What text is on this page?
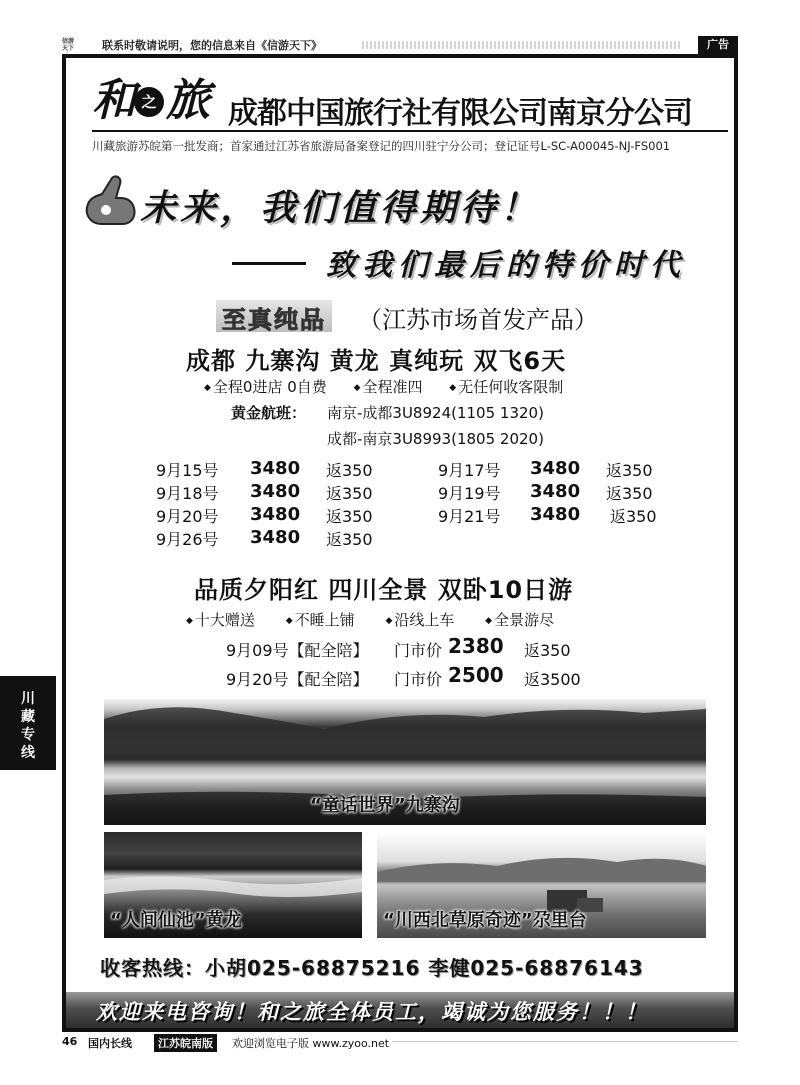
信游
天下	联系时敬请说明，您的信息来自《信游天下》	广告
和 之 旅 成都中国旅行社有限公司南京分公司
川藏旅游苏皖第一批发商；首家通过江苏省旅游局备案登记的四川驻宁分公司；登记证号L-SC-A00045-NJ-FS001
未来，我们值得期待！
致我们最后的特价时代
至真纯品 （江苏市场首发产品）
成都 九寨沟 黄龙 真纯玩 双飞6天
◆ 全程0进店 0自费 ◆ 全程准四 ◆ 无任何收客限制
黄金航班： 南京-成都3U8924(1105 1320)
成都-南京3U8993(1805 2020)
9月15号 3480 返350
9月18号 3480 返350
9月20号 3480 返350
9月26号 3480 返350
9月17号 3480 返350
9月19号 3480 返350
9月21号 3480 返350
品质夕阳红 四川全景 双卧10日游
◆ 十大赠送	◆ 不睡上铺	◆ 沿线上车	◆ 全景游尽
9月09号【配全陪】 门市价 2380 返350
9月20号【配全陪】 门市价 2500 返3500
川
藏
专
线
“童话世界”九寨沟
“人间仙池”黄龙	“川西北草原奇迹”尕里台
收客热线：小胡025-68875216 李健025-68876143
欢迎来电咨询！和之旅全体员工，竭诚为您服务！！！
46 国内长线	江苏皖南版	欢迎浏览电子版 www.zyoo.net
